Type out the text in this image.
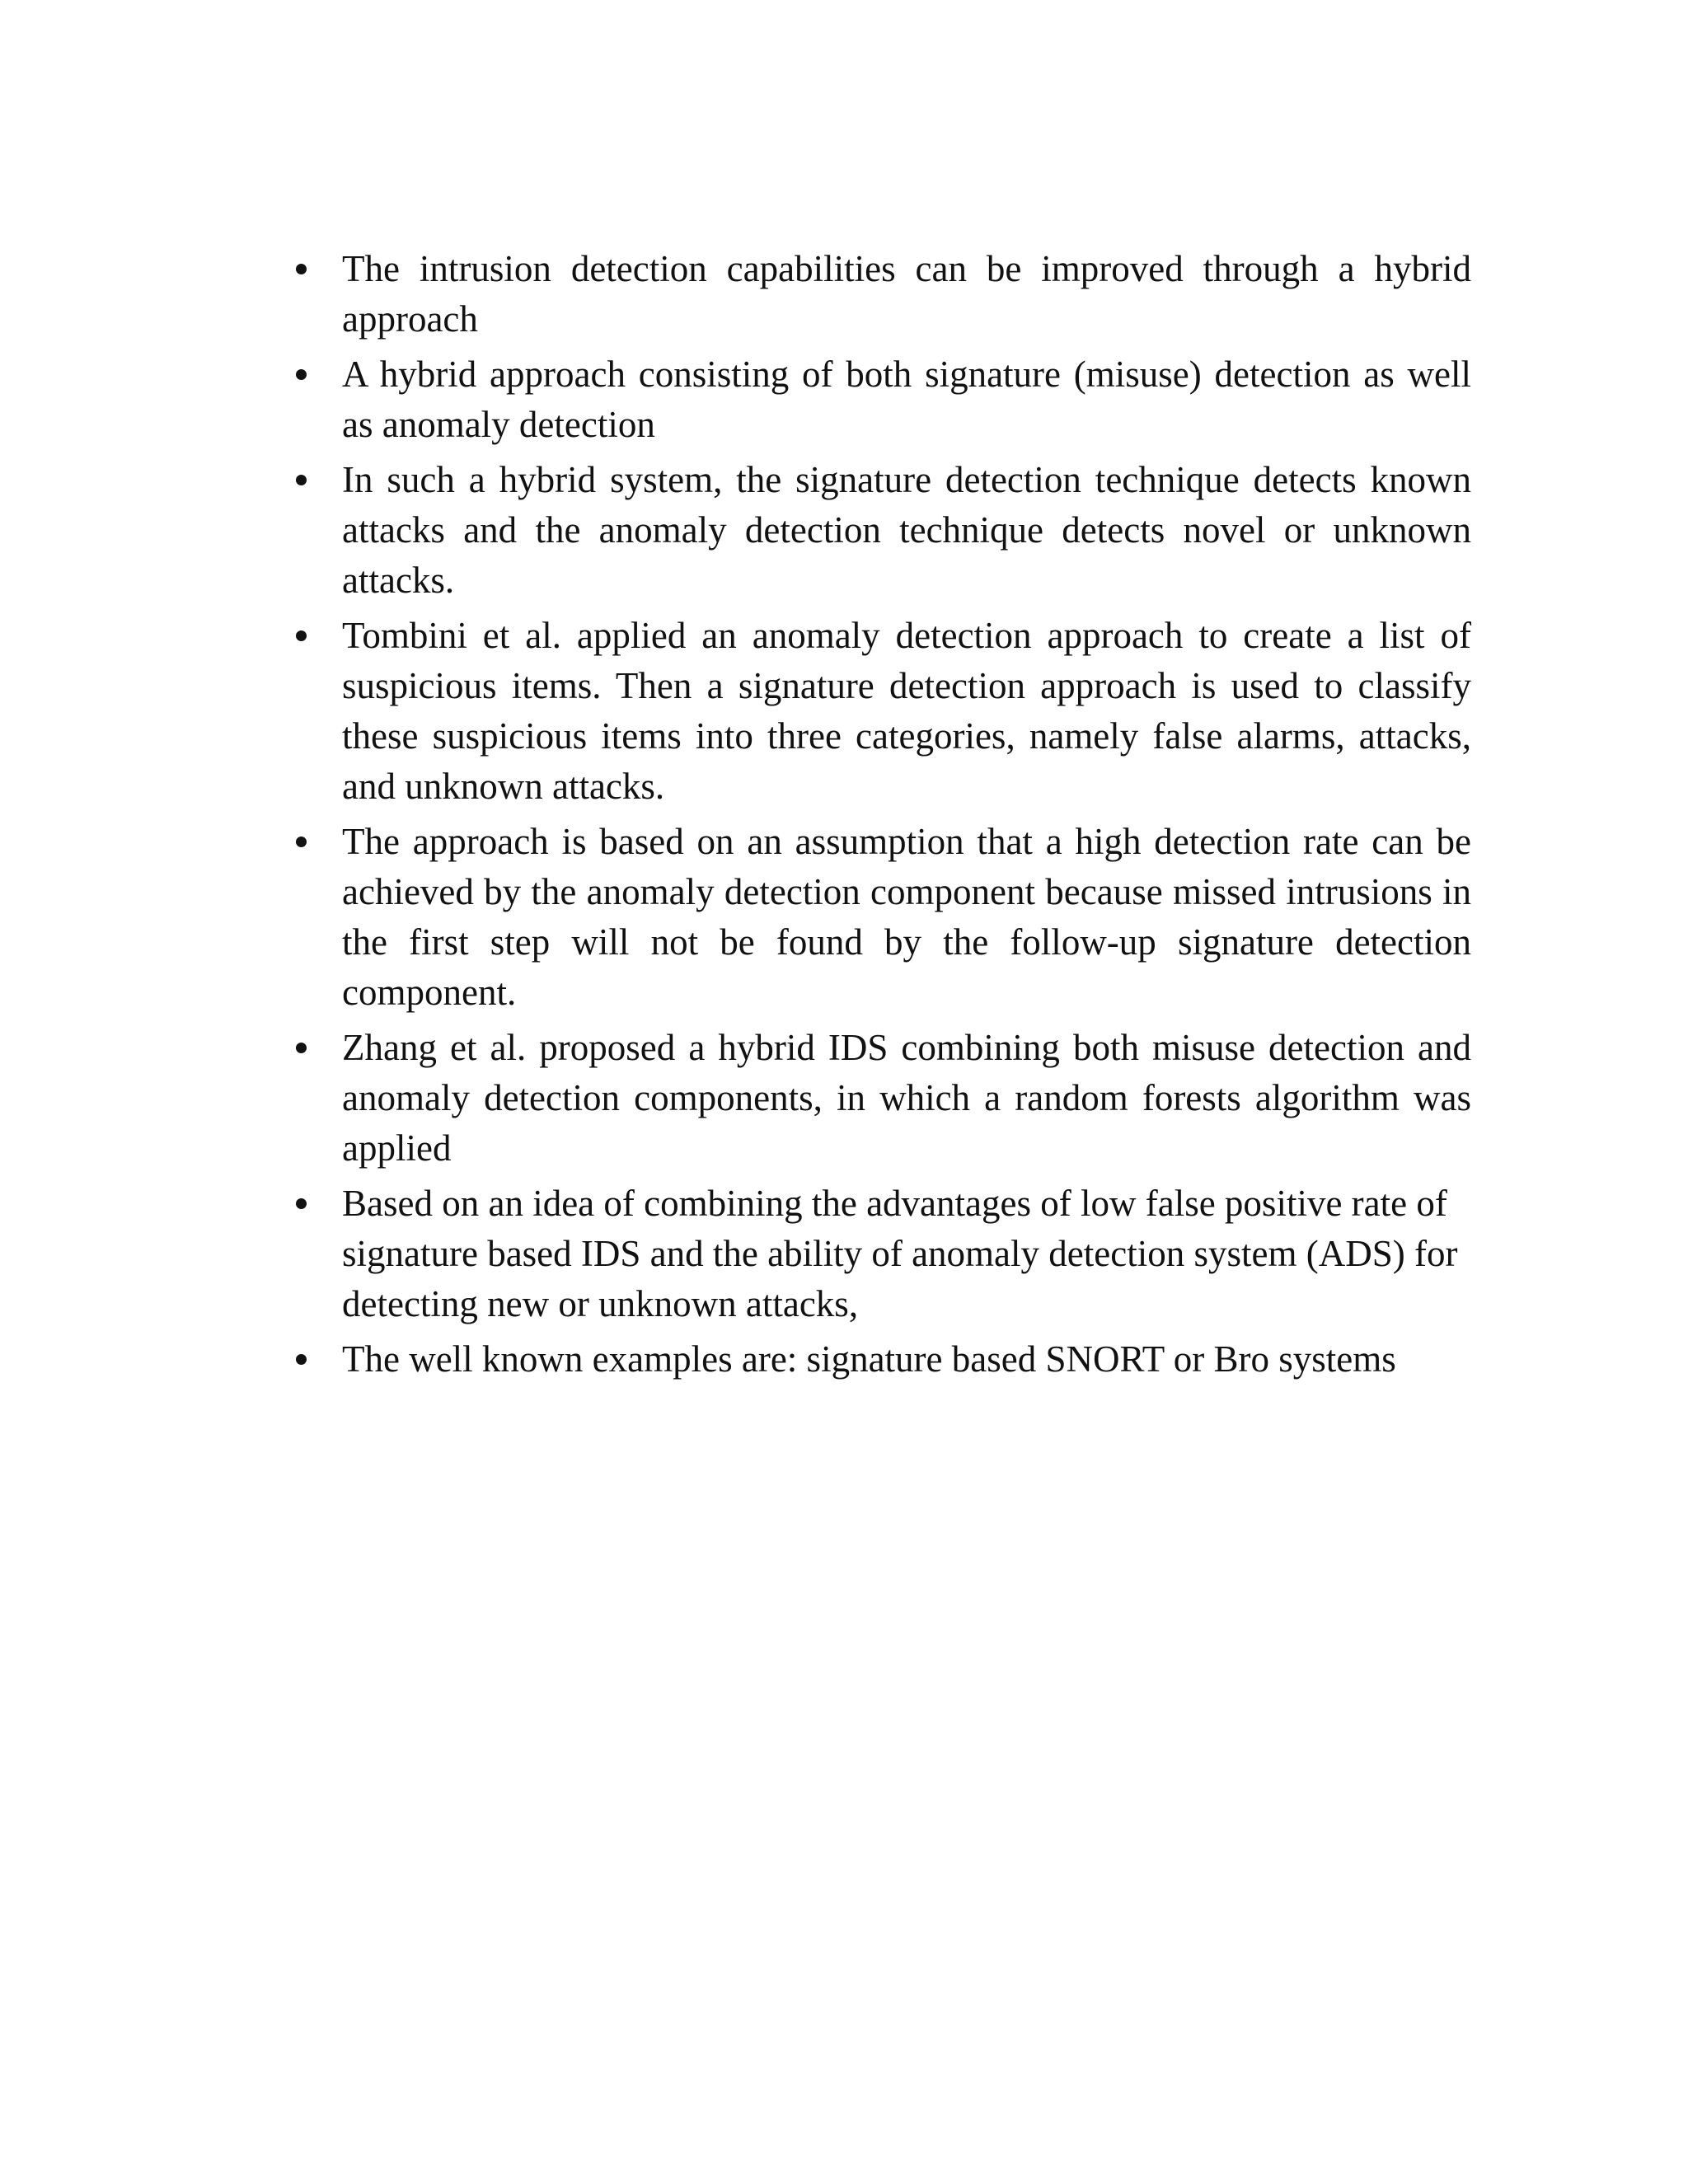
The intrusion detection capabilities can be improved through a hybrid approach
A hybrid approach consisting of both signature (misuse) detection as well as anomaly detection
In such a hybrid system, the signature detection technique detects known attacks and the anomaly detection technique detects novel or unknown attacks.
Tombini et al. applied an anomaly detection approach to create a list of suspicious items. Then a signature detection approach is used to classify these suspicious items into three categories, namely false alarms, attacks, and unknown attacks.
The approach is based on an assumption that a high detection rate can be achieved by the anomaly detection component because missed intrusions in the first step will not be found by the follow-up signature detection component.
Zhang et al. proposed a hybrid IDS combining both misuse detection and anomaly detection components, in which a random forests algorithm was applied
Based on an idea of combining the advantages of low false positive rate of signature based IDS and the ability of anomaly detection system (ADS) for detecting new or unknown attacks,
The well known examples are: signature based SNORT or Bro systems
